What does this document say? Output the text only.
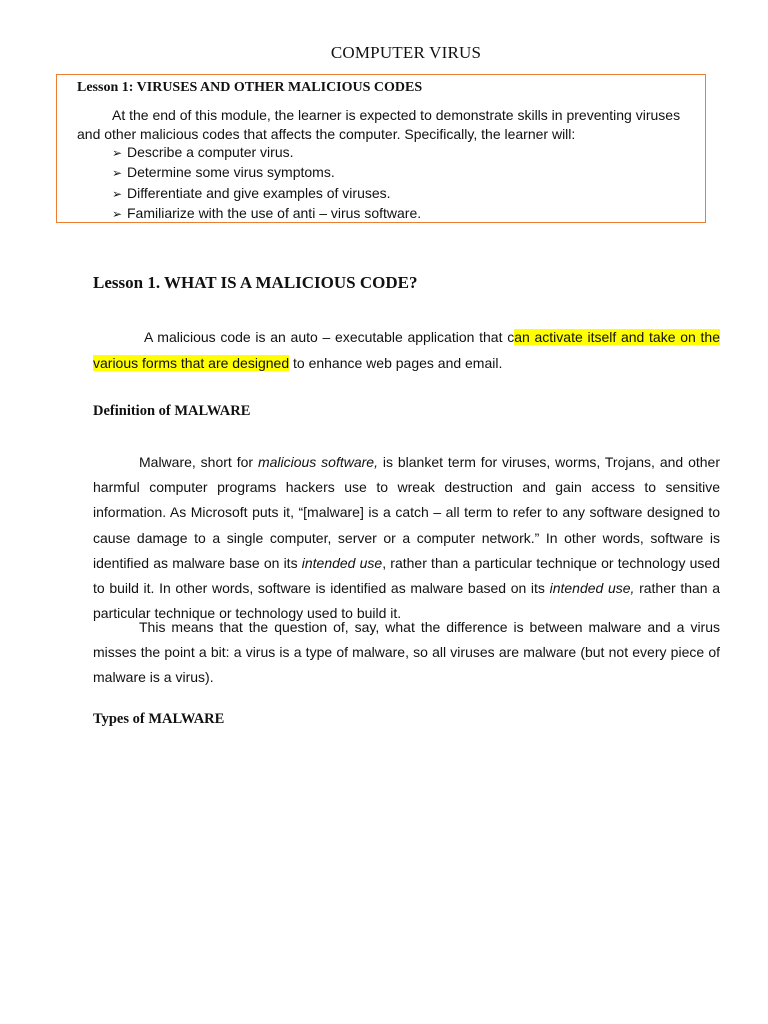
COMPUTER VIRUS
Lesson 1: VIRUSES AND OTHER MALICIOUS CODES
At the end of this module, the learner is expected to demonstrate skills in preventing viruses and other malicious codes that affects the computer. Specifically, the learner will:
➢ Describe a computer virus.
➢ Determine some virus symptoms.
➢ Differentiate and give examples of viruses.
➢ Familiarize with the use of anti – virus software.
Lesson 1. WHAT IS A MALICIOUS CODE?
A malicious code is an auto – executable application that can activate itself and take on the various forms that are designed to enhance web pages and email.
Definition of MALWARE
Malware, short for malicious software, is blanket term for viruses, worms, Trojans, and other harmful computer programs hackers use to wreak destruction and gain access to sensitive information. As Microsoft puts it, “[malware] is a catch – all term to refer to any software designed to cause damage to a single computer, server or a computer network.” In other words, software is identified as malware base on its intended use, rather than a particular technique or technology used to build it. In other words, software is identified as malware based on its intended use, rather than a particular technique or technology used to build it.
This means that the question of, say, what the difference is between malware and a virus misses the point a bit: a virus is a type of malware, so all viruses are malware (but not every piece of malware is a virus).
Types of MALWARE
